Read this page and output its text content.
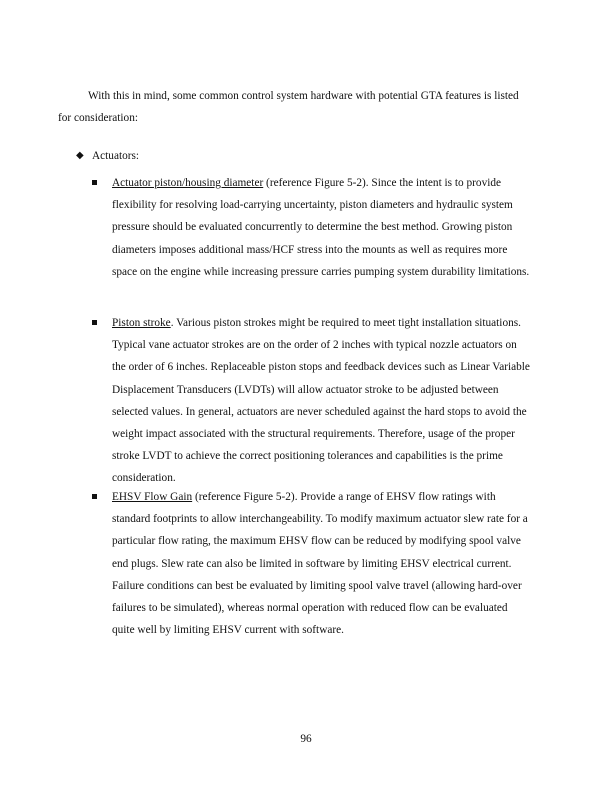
With this in mind, some common control system hardware with potential GTA features is listed for consideration:

◆ Actuators:

Actuator piston/housing diameter (reference Figure 5-2). Since the intent is to provide flexibility for resolving load-carrying uncertainty, piston diameters and hydraulic system pressure should be evaluated concurrently to determine the best method. Growing piston diameters imposes additional mass/HCF stress into the mounts as well as requires more space on the engine while increasing pressure carries pumping system durability limitations.

Piston stroke. Various piston strokes might be required to meet tight installation situations. Typical vane actuator strokes are on the order of 2 inches with typical nozzle actuators on the order of 6 inches. Replaceable piston stops and feedback devices such as Linear Variable Displacement Transducers (LVDTs) will allow actuator stroke to be adjusted between selected values. In general, actuators are never scheduled against the hard stops to avoid the weight impact associated with the structural requirements. Therefore, usage of the proper stroke LVDT to achieve the correct positioning tolerances and capabilities is the prime consideration.

EHSV Flow Gain (reference Figure 5-2). Provide a range of EHSV flow ratings with standard footprints to allow interchangeability. To modify maximum actuator slew rate for a particular flow rating, the maximum EHSV flow can be reduced by modifying spool valve end plugs. Slew rate can also be limited in software by limiting EHSV electrical current. Failure conditions can best be evaluated by limiting spool valve travel (allowing hard-over failures to be simulated), whereas normal operation with reduced flow can be evaluated quite well by limiting EHSV current with software.

96
